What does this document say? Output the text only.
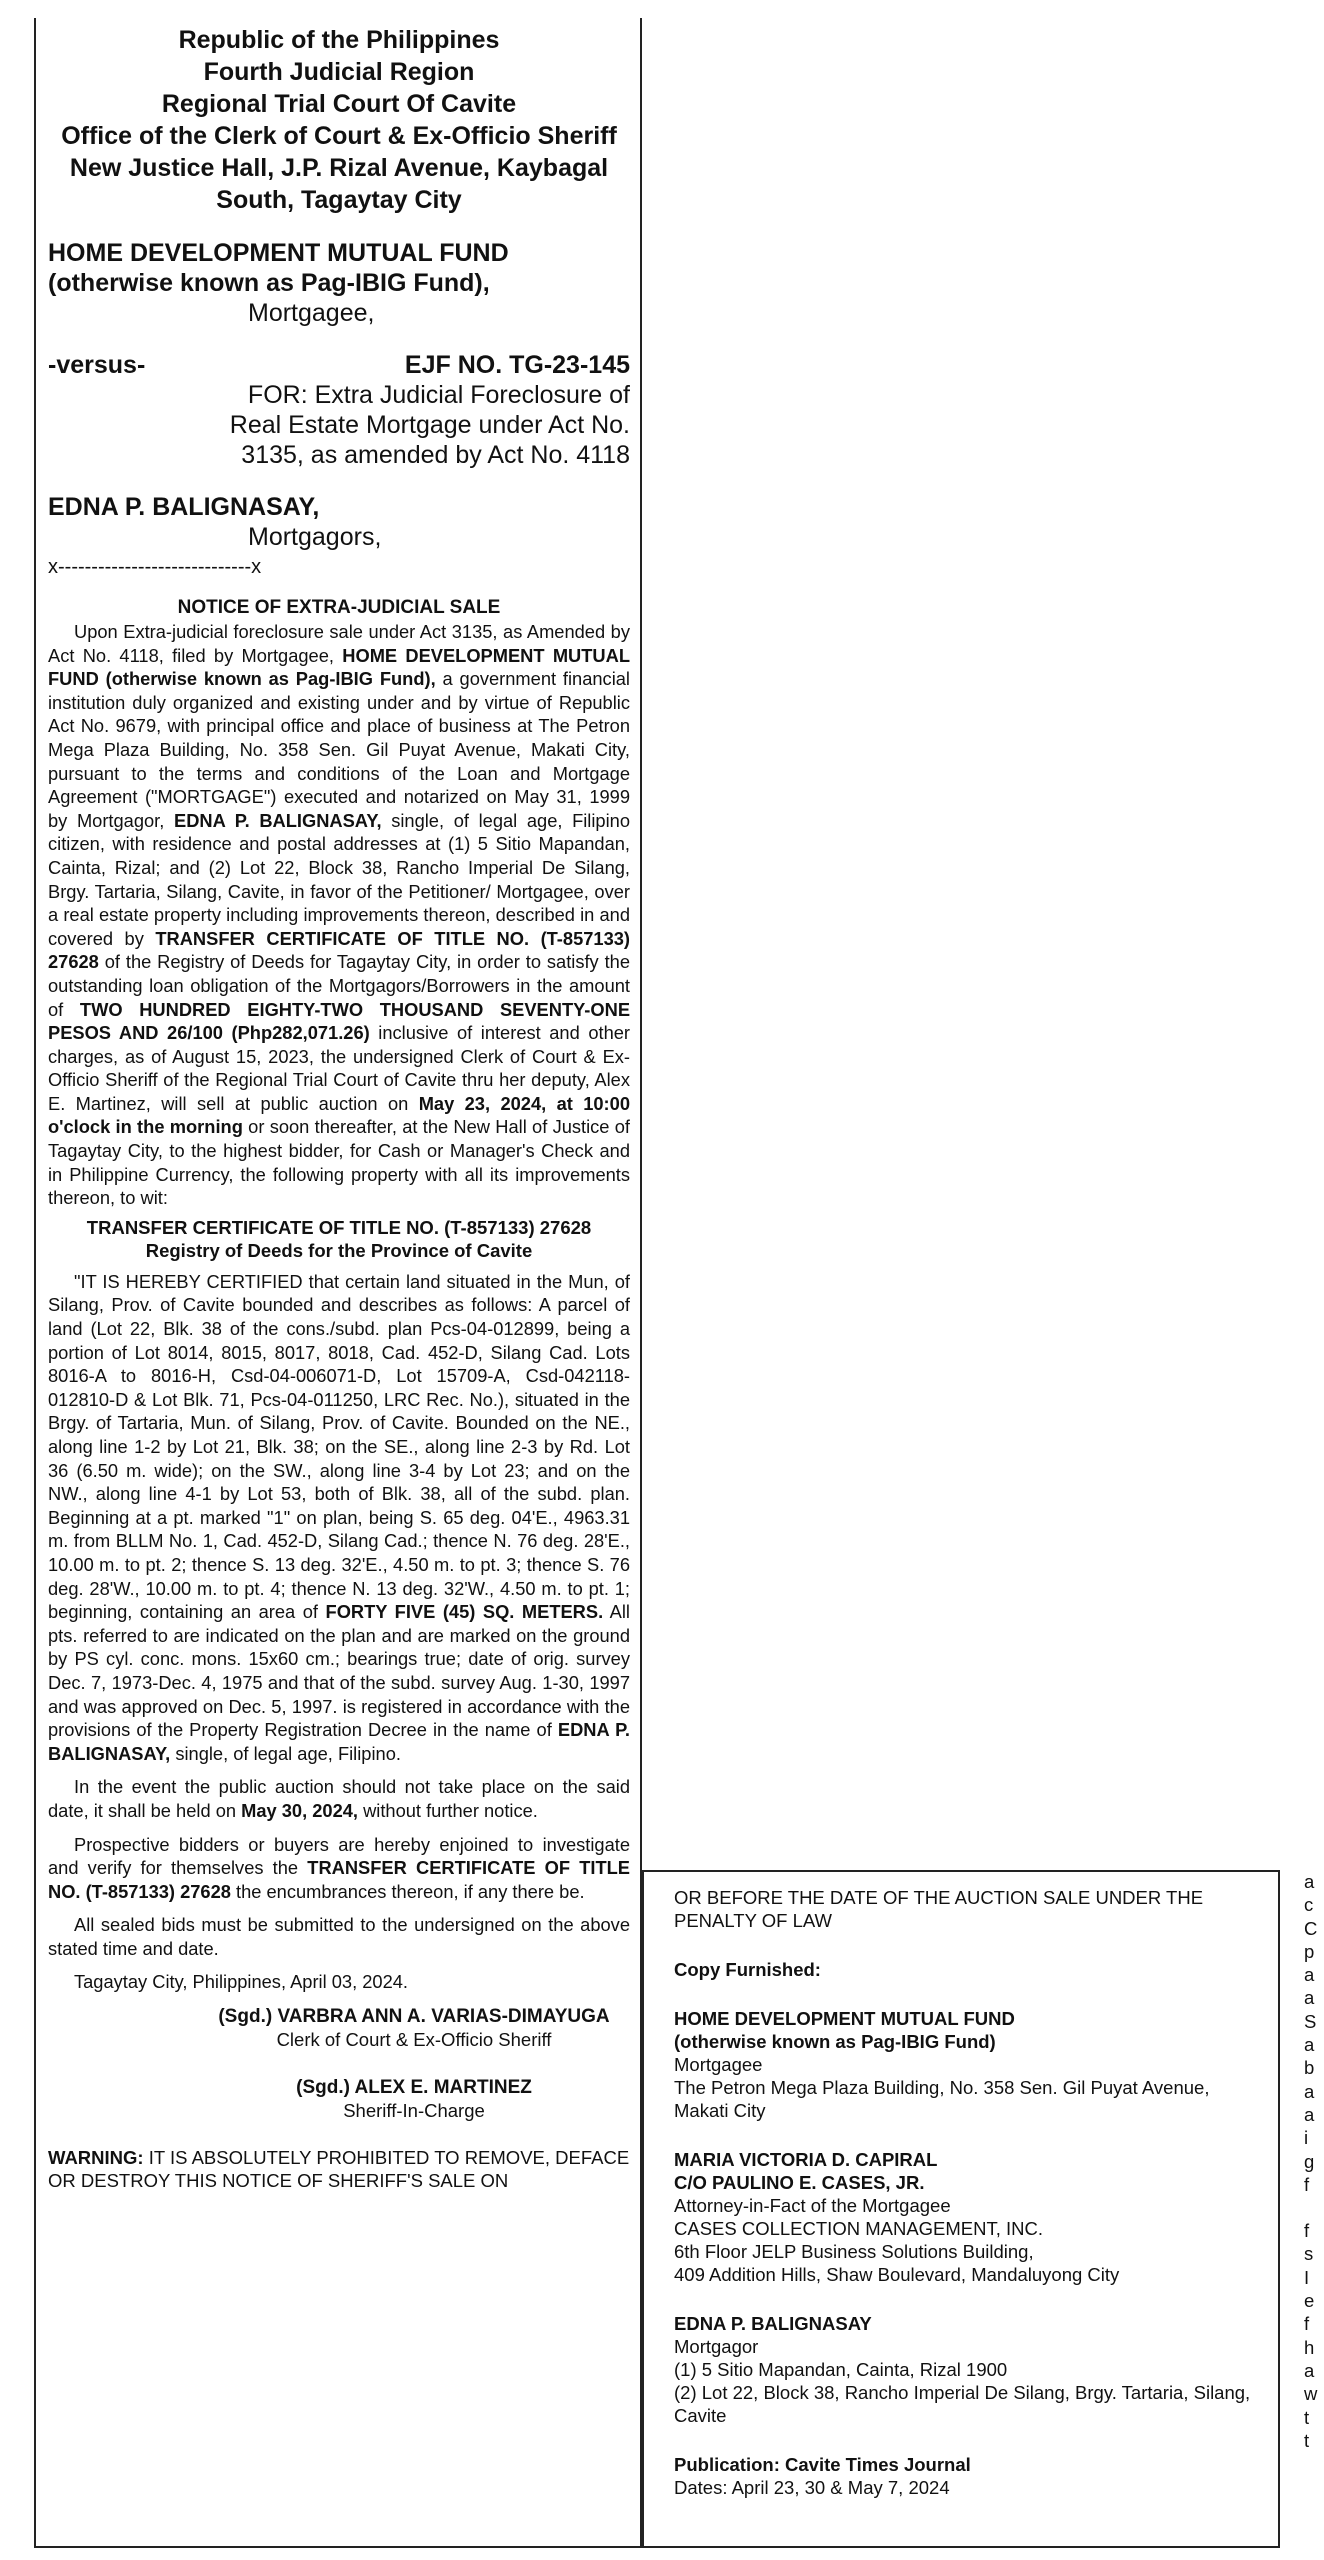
Republic of the Philippines
Fourth Judicial Region
Regional Trial Court Of Cavite
Office of the Clerk of Court & Ex-Officio Sheriff
New Justice Hall, J.P. Rizal Avenue, Kaybagal South, Tagaytay City
HOME DEVELOPMENT MUTUAL FUND
(otherwise known as Pag-IBIG Fund),
Mortgagee,
-versus-	EJF NO. TG-23-145
FOR: Extra Judicial Foreclosure of Real Estate Mortgage under Act No. 3135, as amended by Act No. 4118
EDNA P. BALIGNASAY,
Mortgagors,
x-----------------------------x
NOTICE OF EXTRA-JUDICIAL SALE

Upon Extra-judicial foreclosure sale under Act 3135, as Amended by Act No. 4118, filed by Mortgagee, HOME DEVELOPMENT MUTUAL FUND (otherwise known as Pag-IBIG Fund), a government financial institution duly organized and existing under and by virtue of Republic Act No. 9679, with principal office and place of business at The Petron Mega Plaza Building, No. 358 Sen. Gil Puyat Avenue, Makati City, pursuant to the terms and conditions of the Loan and Mortgage Agreement ("MORTGAGE") executed and notarized on May 31, 1999 by Mortgagor, EDNA P. BALIGNASAY, single, of legal age, Filipino citizen, with residence and postal addresses at (1) 5 Sitio Mapandan, Cainta, Rizal; and (2) Lot 22, Block 38, Rancho Imperial De Silang, Brgy. Tartaria, Silang, Cavite, in favor of the Petitioner/ Mortgagee, over a real estate property including improvements thereon, described in and covered by TRANSFER CERTIFICATE OF TITLE NO. (T-857133) 27628 of the Registry of Deeds for Tagaytay City, in order to satisfy the outstanding loan obligation of the Mortgagors/Borrowers in the amount of TWO HUNDRED EIGHTY-TWO THOUSAND SEVENTY-ONE PESOS AND 26/100 (Php282,071.26) inclusive of interest and other charges, as of August 15, 2023, the undersigned Clerk of Court & Ex-Officio Sheriff of the Regional Trial Court of Cavite thru her deputy, Alex E. Martinez, will sell at public auction on May 23, 2024, at 10:00 o'clock in the morning or soon thereafter, at the New Hall of Justice of Tagaytay City, to the highest bidder, for Cash or Manager's Check and in Philippine Currency, the following property with all its improvements thereon, to wit:

TRANSFER CERTIFICATE OF TITLE NO. (T-857133) 27628
Registry of Deeds for the Province of Cavite

"IT IS HEREBY CERTIFIED that certain land situated in the Mun, of Silang, Prov. of Cavite bounded and describes as follows: A parcel of land (Lot 22, Blk. 38 of the cons./subd. plan Pcs-04-012899, being a portion of Lot 8014, 8015, 8017, 8018, Cad. 452-D, Silang Cad. Lots 8016-A to 8016-H, Csd-04-006071-D, Lot 15709-A, Csd-042118-012810-D & Lot Blk. 71, Pcs-04-011250, LRC Rec. No.), situated in the Brgy. of Tartaria, Mun. of Silang, Prov. of Cavite. Bounded on the NE., along line 1-2 by Lot 21, Blk. 38; on the SE., along line 2-3 by Rd. Lot 36 (6.50 m. wide); on the SW., along line 3-4 by Lot 23; and on the NW., along line 4-1 by Lot 53, both of Blk. 38, all of the subd. plan. Beginning at a pt. marked "1" on plan, being S. 65 deg. 04'E., 4963.31 m. from BLLM No. 1, Cad. 452-D, Silang Cad.; thence N. 76 deg. 28'E., 10.00 m. to pt. 2; thence S. 13 deg. 32'E., 4.50 m. to pt. 3; thence S. 76 deg. 28'W., 10.00 m. to pt. 4; thence N. 13 deg. 32'W., 4.50 m. to pt. 1; beginning, containing an area of FORTY FIVE (45) SQ. METERS. All pts. referred to are indicated on the plan and are marked on the ground by PS cyl. conc. mons. 15x60 cm.; bearings true; date of orig. survey Dec. 7, 1973-Dec. 4, 1975 and that of the subd. survey Aug. 1-30, 1997 and was approved on Dec. 5, 1997. is registered in accordance with the provisions of the Property Registration Decree in the name of EDNA P. BALIGNASAY, single, of legal age, Filipino.

In the event the public auction should not take place on the said date, it shall be held on May 30, 2024, without further notice.

Prospective bidders or buyers are hereby enjoined to investigate and verify for themselves the TRANSFER CERTIFICATE OF TITLE NO. (T-857133) 27628 the encumbrances thereon, if any there be.

All sealed bids must be submitted to the undersigned on the above stated time and date.

Tagaytay City, Philippines, April 03, 2024.

(Sgd.) VARBRA ANN A. VARIAS-DIMAYUGA
Clerk of Court & Ex-Officio Sheriff
(Sgd.) ALEX E. MARTINEZ
Sheriff-In-Charge
WARNING: IT IS ABSOLUTELY PROHIBITED TO REMOVE, DEFACE OR DESTROY THIS NOTICE OF SHERIFF'S SALE ON

OR BEFORE THE DATE OF THE AUCTION SALE UNDER THE PENALTY OF LAW

Copy Furnished:
HOME DEVELOPMENT MUTUAL FUND
(otherwise known as Pag-IBIG Fund)

Mortgagee

The Petron Mega Plaza Building, No. 358 Sen. Gil Puyat Avenue, Makati City

MARIA VICTORIA D. CAPIRAL
C/O PAULINO E. CASES, JR.

Attorney-in-Fact of the Mortgagee

CASES COLLECTION MANAGEMENT, INC.

6th Floor JELP Business Solutions Building,

409 Addition Hills, Shaw Boulevard, Mandaluyong City

EDNA P. BALIGNASAY

Mortgagor

(1) 5 Sitio Mapandan, Cainta, Rizal 1900

(2) Lot 22, Block 38, Rancho Imperial De Silang, Brgy. Tartaria, Silang, Cavite

Publication: Cavite Times Journal

Dates: April 23, 30 & May 7, 2024

a
c
C
p
a
a
S
a
b
a
a
i
g
f
f
s
I
e
f
h
a
w
t
t
